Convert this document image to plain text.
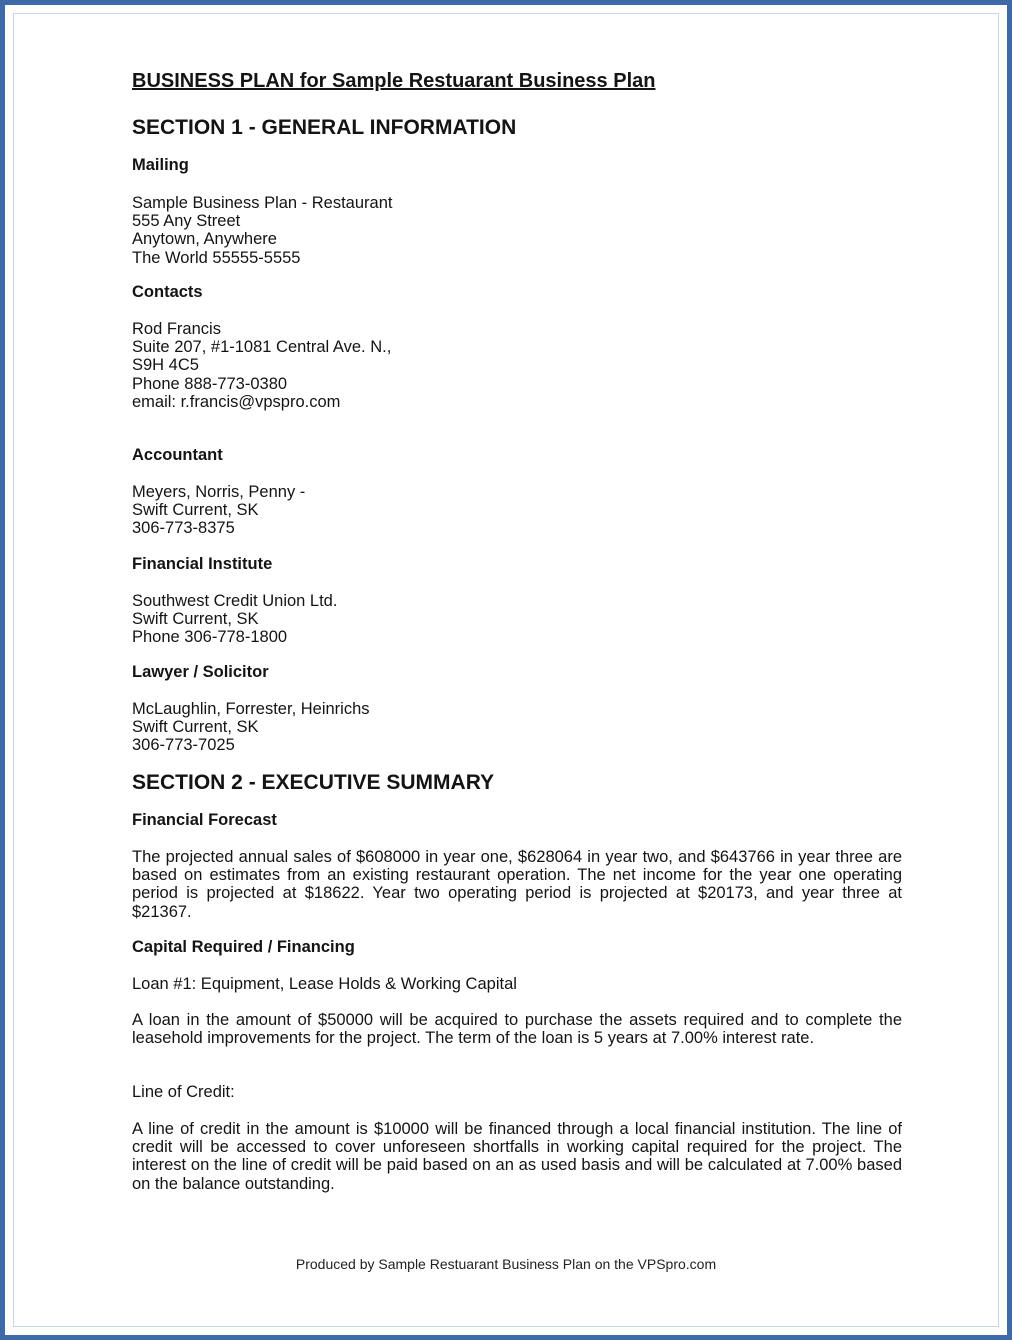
BUSINESS PLAN for Sample Restuarant Business Plan
SECTION 1 - GENERAL INFORMATION
Mailing
Sample Business Plan - Restaurant
555 Any Street
Anytown, Anywhere
The World 55555-5555
Contacts
Rod Francis
Suite 207, #1-1081 Central Ave. N.,
S9H 4C5
Phone 888-773-0380
email: r.francis@vpspro.com
Accountant
Meyers, Norris, Penny -
Swift Current, SK
306-773-8375
Financial Institute
Southwest Credit Union Ltd.
Swift Current, SK
Phone 306-778-1800
Lawyer / Solicitor
McLaughlin, Forrester, Heinrichs
Swift Current, SK
306-773-7025
SECTION 2 - EXECUTIVE SUMMARY
Financial Forecast

The projected annual sales of $608000 in year one, $628064 in year two, and $643766 in year three are based on estimates from an existing restaurant operation. The net income for the year one operating period is projected at $18622. Year two operating period is projected at $20173, and year three at $21367.

Capital Required / Financing

Loan #1: Equipment, Lease Holds & Working Capital

A loan in the amount of $50000 will be acquired to purchase the assets required and to complete the leasehold improvements for the project. The term of the loan is 5 years at 7.00% interest rate.

Line of Credit:

A line of credit in the amount is $10000 will be financed through a local financial institution. The line of credit will be accessed to cover unforeseen shortfalls in working capital required for the project. The interest on the line of credit will be paid based on an as used basis and will be calculated at 7.00% based on the balance outstanding.

Produced by Sample Restuarant Business Plan on the VPSpro.com
